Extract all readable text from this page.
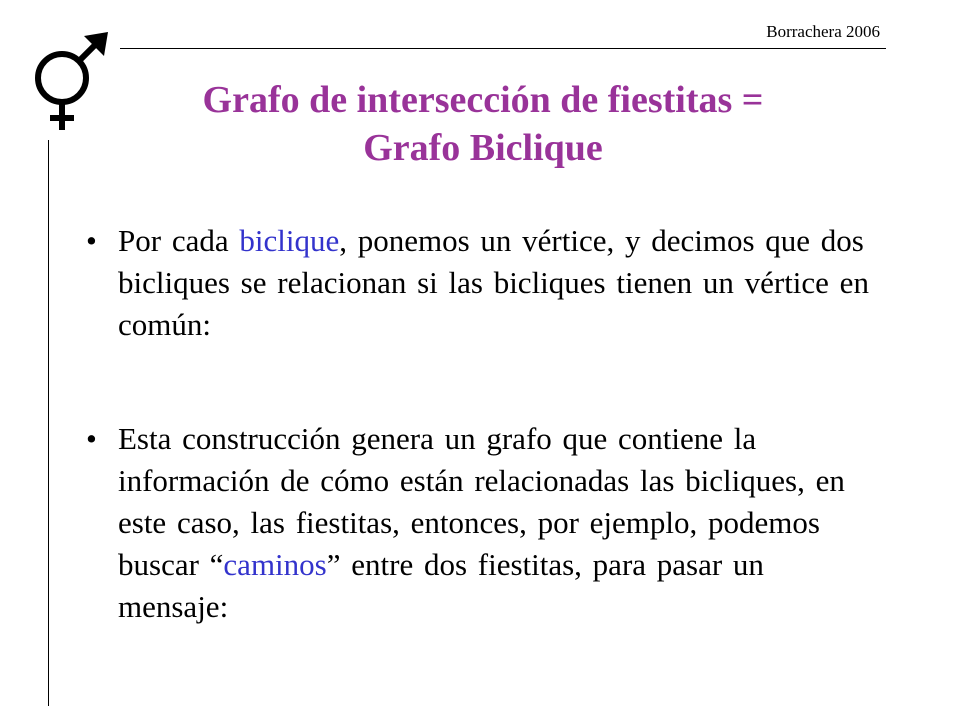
Borrachera 2006
Grafo de intersección de fiestitas =
Grafo Biclique
• Por cada biclique, ponemos un vértice, y decimos que dos bicliques se relacionan si las bicliques tienen un vértice en común:
• Esta construcción genera un grafo que contiene la información de cómo están relacionadas las bicliques, en este caso, las fiestitas, entonces, por ejemplo, podemos buscar “caminos” entre dos fiestitas, para pasar un mensaje:
